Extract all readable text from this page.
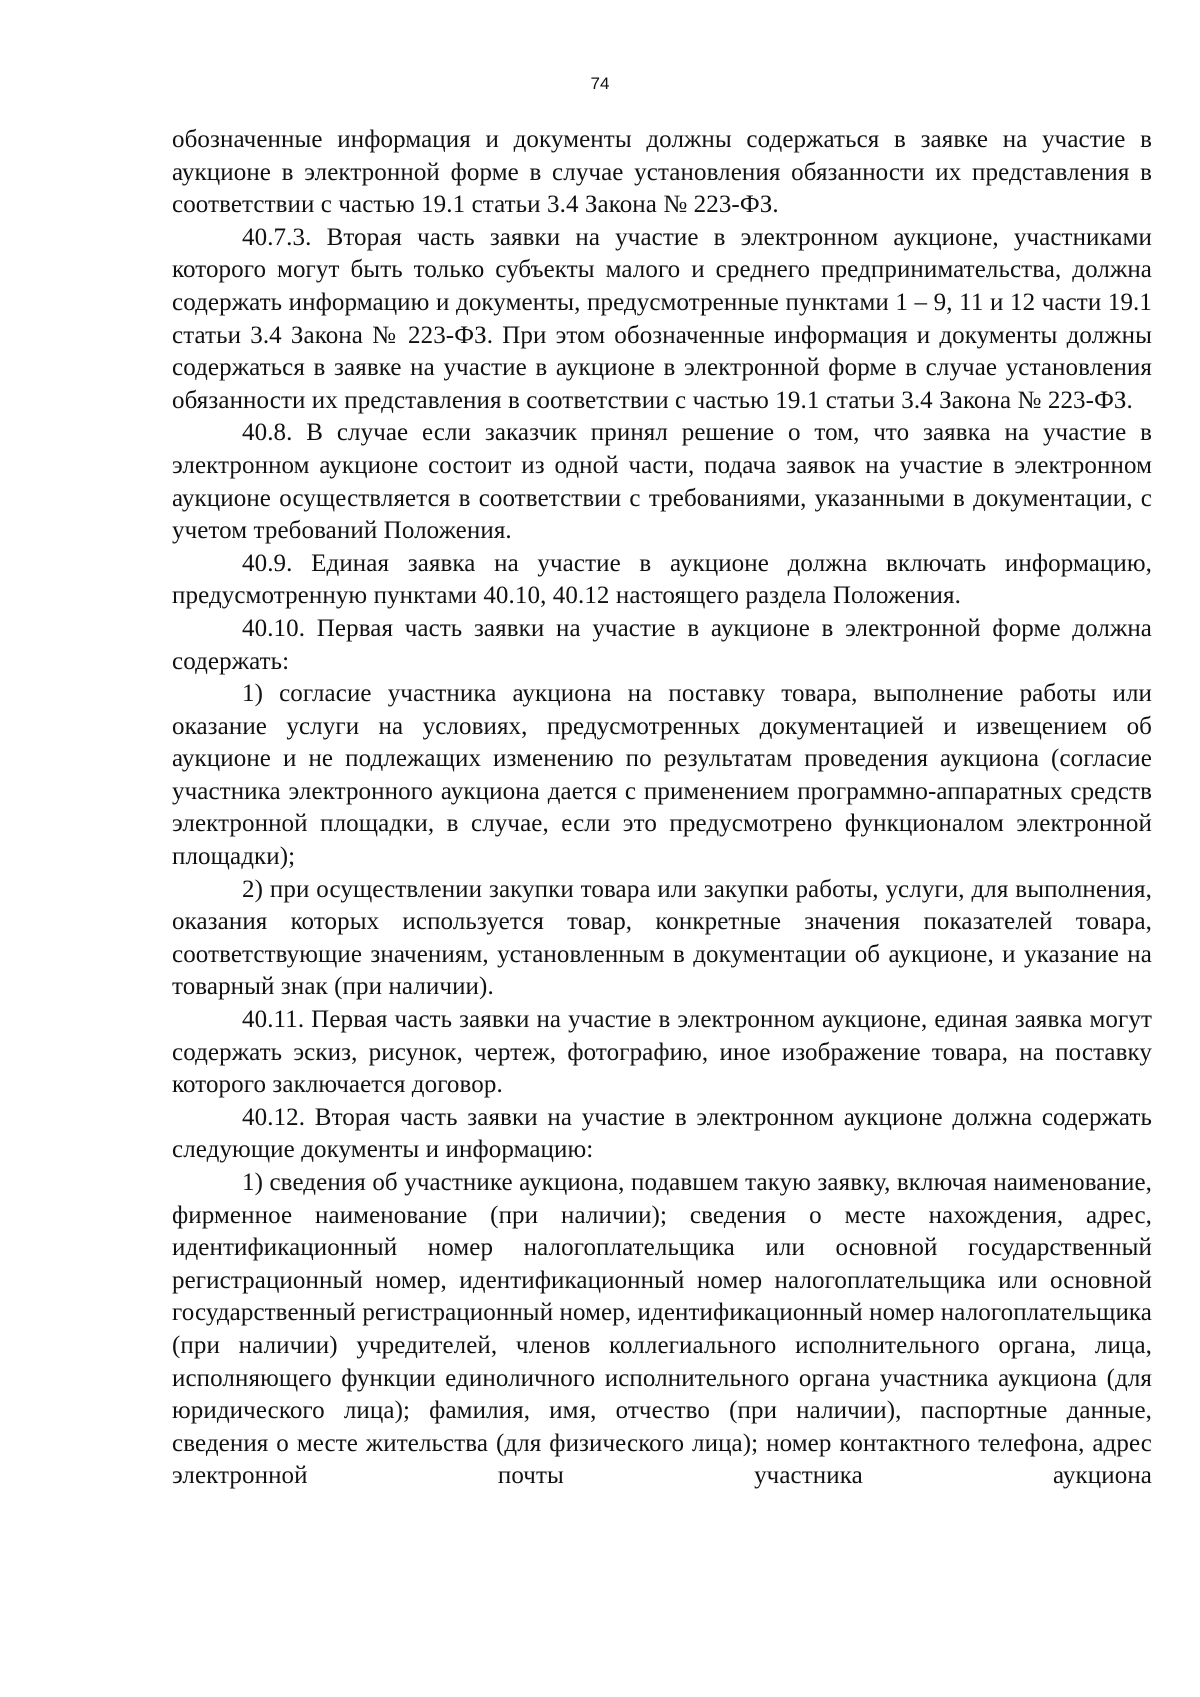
74

обозначенные информация и документы должны содержаться в заявке на участие в аукционе в электронной форме в случае установления обязанности их представления в соответствии с частью 19.1 статьи 3.4 Закона № 223-ФЗ.

40.7.3. Вторая часть заявки на участие в электронном аукционе, участниками которого могут быть только субъекты малого и среднего предпринимательства, должна содержать информацию и документы, предусмотренные пунктами 1 – 9, 11 и 12 части 19.1 статьи 3.4 Закона № 223-ФЗ. При этом обозначенные информация и документы должны содержаться в заявке на участие в аукционе в электронной форме в случае установления обязанности их представления в соответствии с частью 19.1 статьи 3.4 Закона № 223-ФЗ.

40.8. В случае если заказчик принял решение о том, что заявка на участие в электронном аукционе состоит из одной части, подача заявок на участие в электронном аукционе осуществляется в соответствии с требованиями, указанными в документации, с учетом требований Положения.

40.9. Единая заявка на участие в аукционе должна включать информацию, предусмотренную пунктами 40.10, 40.12 настоящего раздела Положения.

40.10. Первая часть заявки на участие в аукционе в электронной форме должна содержать:

1) согласие участника аукциона на поставку товара, выполнение работы или оказание услуги на условиях, предусмотренных документацией и извещением об аукционе и не подлежащих изменению по результатам проведения аукциона (согласие участника электронного аукциона дается с применением программно-аппаратных средств электронной площадки, в случае, если это предусмотрено функционалом электронной площадки);

2) при осуществлении закупки товара или закупки работы, услуги, для выполнения, оказания которых используется товар, конкретные значения показателей товара, соответствующие значениям, установленным в документации об аукционе, и указание на товарный знак (при наличии).

40.11. Первая часть заявки на участие в электронном аукционе, единая заявка могут содержать эскиз, рисунок, чертеж, фотографию, иное изображение товара, на поставку которого заключается договор.

40.12. Вторая часть заявки на участие в электронном аукционе должна содержать следующие документы и информацию:

1) сведения об участнике аукциона, подавшем такую заявку, включая наименование, фирменное наименование (при наличии); сведения о месте нахождения, адрес, идентификационный номер налогоплательщика или основной государственный регистрационный номер, идентификационный номер налогоплательщика или основной государственный регистрационный номер, идентификационный номер налогоплательщика (при наличии) учредителей, членов коллегиального исполнительного органа, лица, исполняющего функции единоличного исполнительного органа участника аукциона (для юридического лица); фамилия, имя, отчество (при наличии), паспортные данные, сведения о месте жительства (для физического лица); номер контактного телефона, адрес электронной почты участника аукциона
